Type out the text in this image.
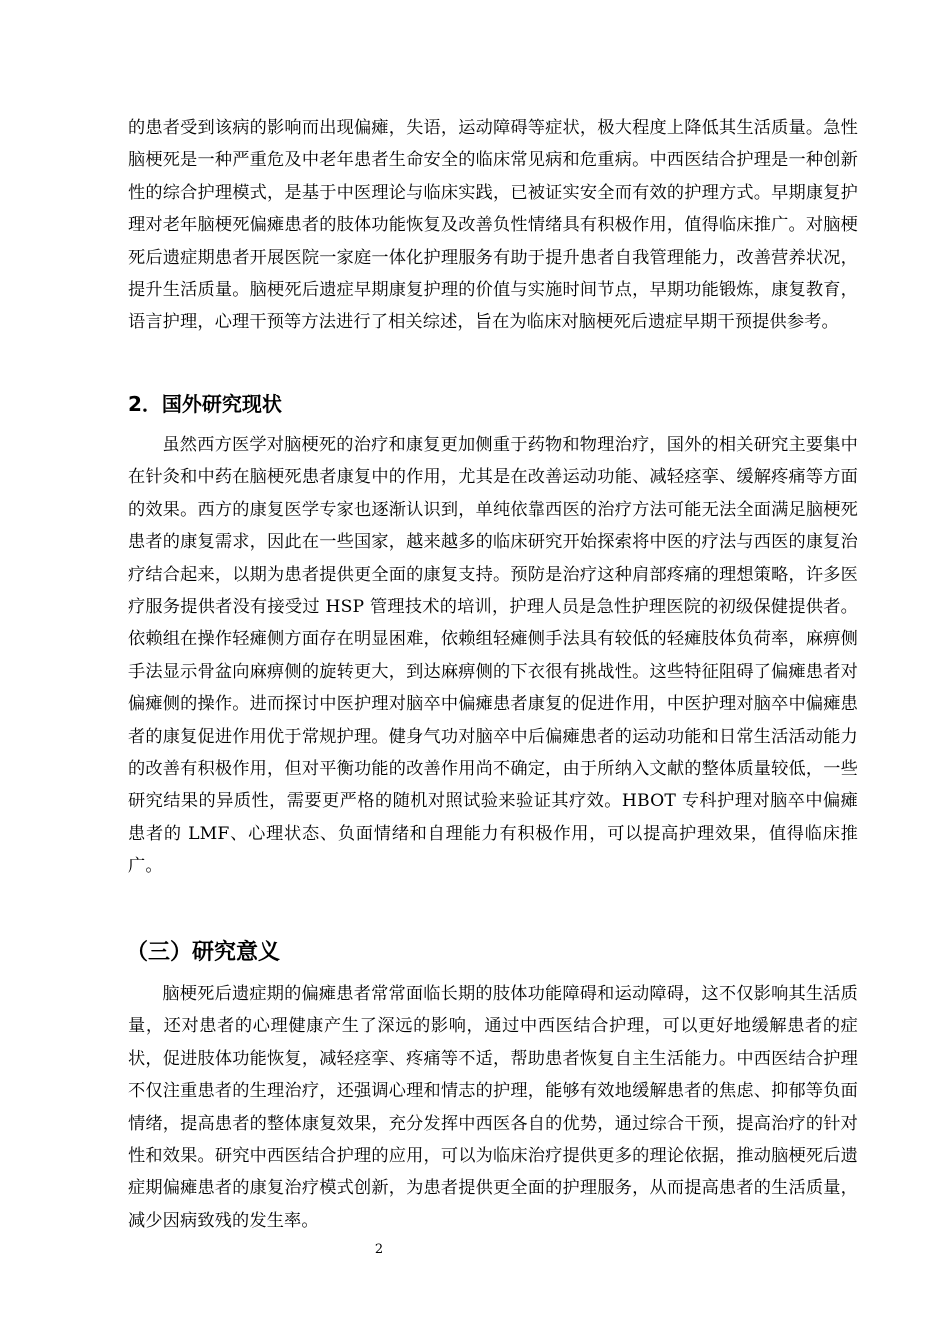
的患者受到该病的影响而出现偏瘫，失语，运动障碍等症状，极大程度上降低其生活质量。急性脑梗死是一种严重危及中老年患者生命安全的临床常见病和危重病。中西医结合护理是一种创新性的综合护理模式，是基于中医理论与临床实践，已被证实安全而有效的护理方式。早期康复护理对老年脑梗死偏瘫患者的肢体功能恢复及改善负性情绪具有积极作用，值得临床推广。对脑梗死后遗症期患者开展医院一家庭一体化护理服务有助于提升患者自我管理能力，改善营养状况，提升生活质量。脑梗死后遗症早期康复护理的价值与实施时间节点，早期功能锻炼，康复教育，语言护理，心理干预等方法进行了相关综述，旨在为临床对脑梗死后遗症早期干预提供参考。

2．国外研究现状

虽然西方医学对脑梗死的治疗和康复更加侧重于药物和物理治疗，国外的相关研究主要集中在针灸和中药在脑梗死患者康复中的作用，尤其是在改善运动功能、减轻痉挛、缓解疼痛等方面的效果。西方的康复医学专家也逐渐认识到，单纯依靠西医的治疗方法可能无法全面满足脑梗死患者的康复需求，因此在一些国家，越来越多的临床研究开始探索将中医的疗法与西医的康复治疗结合起来，以期为患者提供更全面的康复支持。预防是治疗这种肩部疼痛的理想策略，许多医疗服务提供者没有接受过 HSP 管理技术的培训，护理人员是急性护理医院的初级保健提供者。依赖组在操作轻瘫侧方面存在明显困难，依赖组轻瘫侧手法具有较低的轻瘫肢体负荷率，麻痹侧手法显示骨盆向麻痹侧的旋转更大，到达麻痹侧的下衣很有挑战性。这些特征阻碍了偏瘫患者对偏瘫侧的操作。进而探讨中医护理对脑卒中偏瘫患者康复的促进作用，中医护理对脑卒中偏瘫患者的康复促进作用优于常规护理。健身气功对脑卒中后偏瘫患者的运动功能和日常生活活动能力的改善有积极作用，但对平衡功能的改善作用尚不确定，由于所纳入文献的整体质量较低，一些研究结果的异质性，需要更严格的随机对照试验来验证其疗效。HBOT 专科护理对脑卒中偏瘫患者的 LMF、心理状态、负面情绪和自理能力有积极作用，可以提高护理效果，值得临床推广。

（三）研究意义

脑梗死后遗症期的偏瘫患者常常面临长期的肢体功能障碍和运动障碍，这不仅影响其生活质量，还对患者的心理健康产生了深远的影响，通过中西医结合护理，可以更好地缓解患者的症状，促进肢体功能恢复，减轻痉挛、疼痛等不适，帮助患者恢复自主生活能力。中西医结合护理不仅注重患者的生理治疗，还强调心理和情志的护理，能够有效地缓解患者的焦虑、抑郁等负面情绪，提高患者的整体康复效果，充分发挥中西医各自的优势，通过综合干预，提高治疗的针对性和效果。研究中西医结合护理的应用，可以为临床治疗提供更多的理论依据，推动脑梗死后遗症期偏瘫患者的康复治疗模式创新，为患者提供更全面的护理服务，从而提高患者的生活质量，减少因病致残的发生率。

2
